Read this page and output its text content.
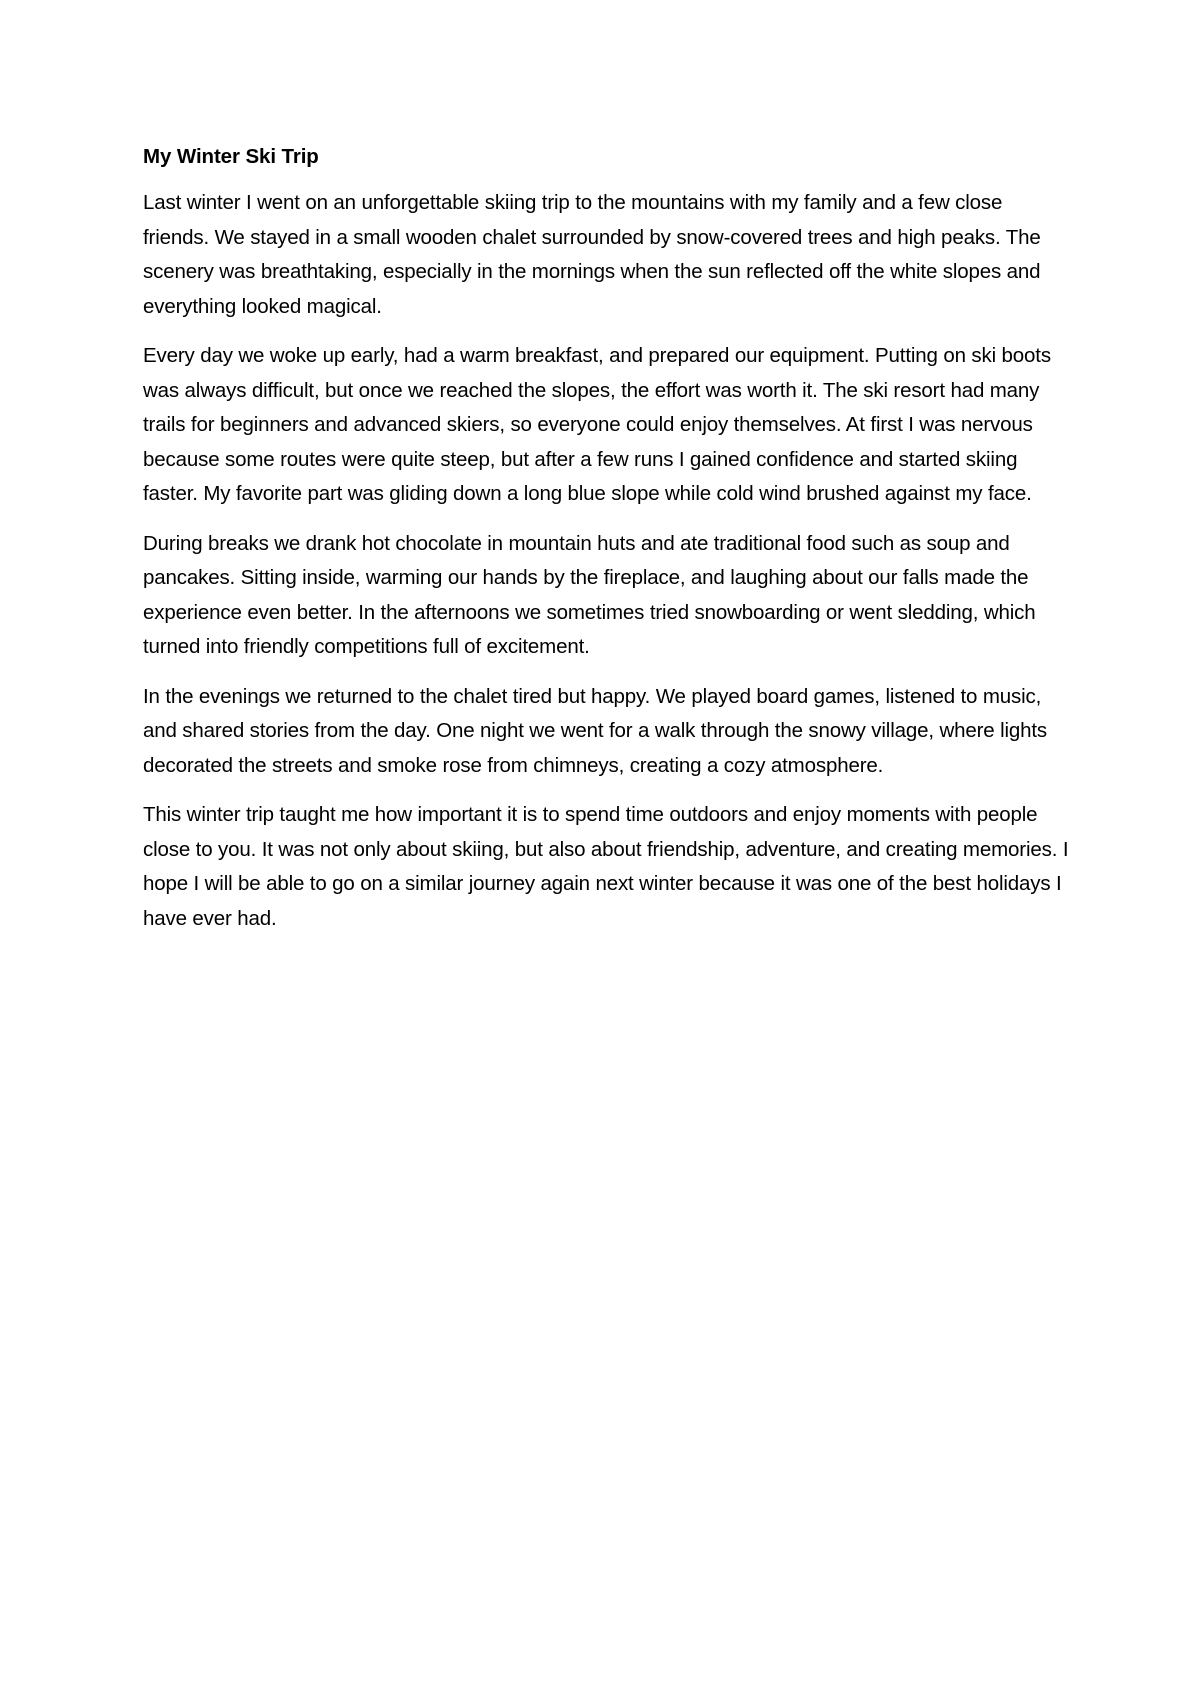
My Winter Ski Trip

Last winter I went on an unforgettable skiing trip to the mountains with my family and a few close friends. We stayed in a small wooden chalet surrounded by snow-covered trees and high peaks. The scenery was breathtaking, especially in the mornings when the sun reflected off the white slopes and everything looked magical.

Every day we woke up early, had a warm breakfast, and prepared our equipment. Putting on ski boots was always difficult, but once we reached the slopes, the effort was worth it. The ski resort had many trails for beginners and advanced skiers, so everyone could enjoy themselves. At first I was nervous because some routes were quite steep, but after a few runs I gained confidence and started skiing faster. My favorite part was gliding down a long blue slope while cold wind brushed against my face.

During breaks we drank hot chocolate in mountain huts and ate traditional food such as soup and pancakes. Sitting inside, warming our hands by the fireplace, and laughing about our falls made the experience even better. In the afternoons we sometimes tried snowboarding or went sledding, which turned into friendly competitions full of excitement.

In the evenings we returned to the chalet tired but happy. We played board games, listened to music, and shared stories from the day. One night we went for a walk through the snowy village, where lights decorated the streets and smoke rose from chimneys, creating a cozy atmosphere.

This winter trip taught me how important it is to spend time outdoors and enjoy moments with people close to you. It was not only about skiing, but also about friendship, adventure, and creating memories. I hope I will be able to go on a similar journey again next winter because it was one of the best holidays I have ever had.
